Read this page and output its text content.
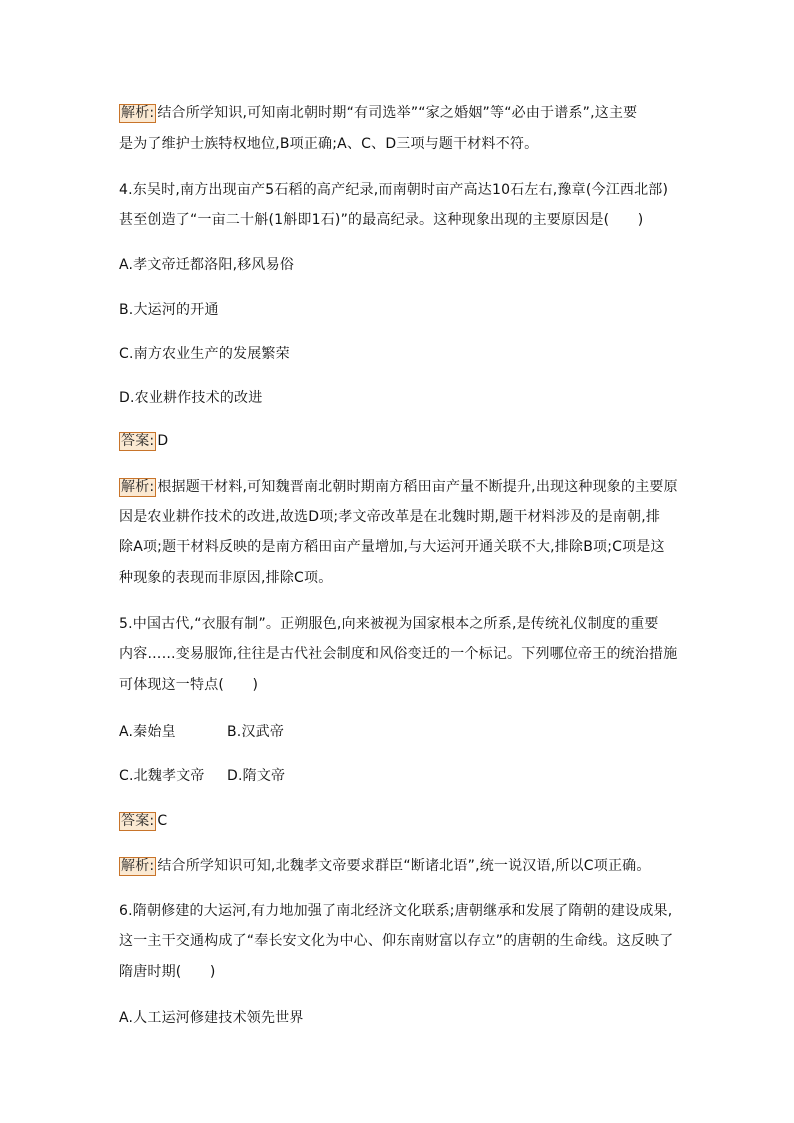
解析: 结合所学知识,可知南北朝时期“有司选举”“家之婚姻”等“必由于谱系”,这主要
是为了维护士族特权地位,B项正确;A、C、D三项与题干材料不符。
4.东吴时,南方出现亩产5石稻的高产纪录,而南朝时亩产高达10石左右,豫章(今江西北部)
甚至创造了“一亩二十斛(1斛即1石)”的最高纪录。这种现象出现的主要原因是(　　)
A.孝文帝迁都洛阳,移风易俗
B.大运河的开通
C.南方农业生产的发展繁荣
D.农业耕作技术的改进
答案: D
解析: 根据题干材料,可知魏晋南北朝时期南方稻田亩产量不断提升,出现这种现象的主要原
因是农业耕作技术的改进,故选D项;孝文帝改革是在北魏时期,题干材料涉及的是南朝,排
除A项;题干材料反映的是南方稻田亩产量增加,与大运河开通关联不大,排除B项;C项是这
种现象的表现而非原因,排除C项。
5.中国古代,“衣服有制”。正朔服色,向来被视为国家根本之所系,是传统礼仪制度的重要
内容……变易服饰,往往是古代社会制度和风俗变迁的一个标记。下列哪位帝王的统治措施
可体现这一特点(　　)
A.秦始皇	B.汉武帝
C.北魏孝文帝 D.隋文帝
答案: C
解析: 结合所学知识可知,北魏孝文帝要求群臣“断诸北语”,统一说汉语,所以C项正确。
6.隋朝修建的大运河,有力地加强了南北经济文化联系;唐朝继承和发展了隋朝的建设成果,
这一主干交通构成了“奉长安文化为中心、仰东南财富以存立”的唐朝的生命线。这反映了
隋唐时期(　　)
A.人工运河修建技术领先世界
